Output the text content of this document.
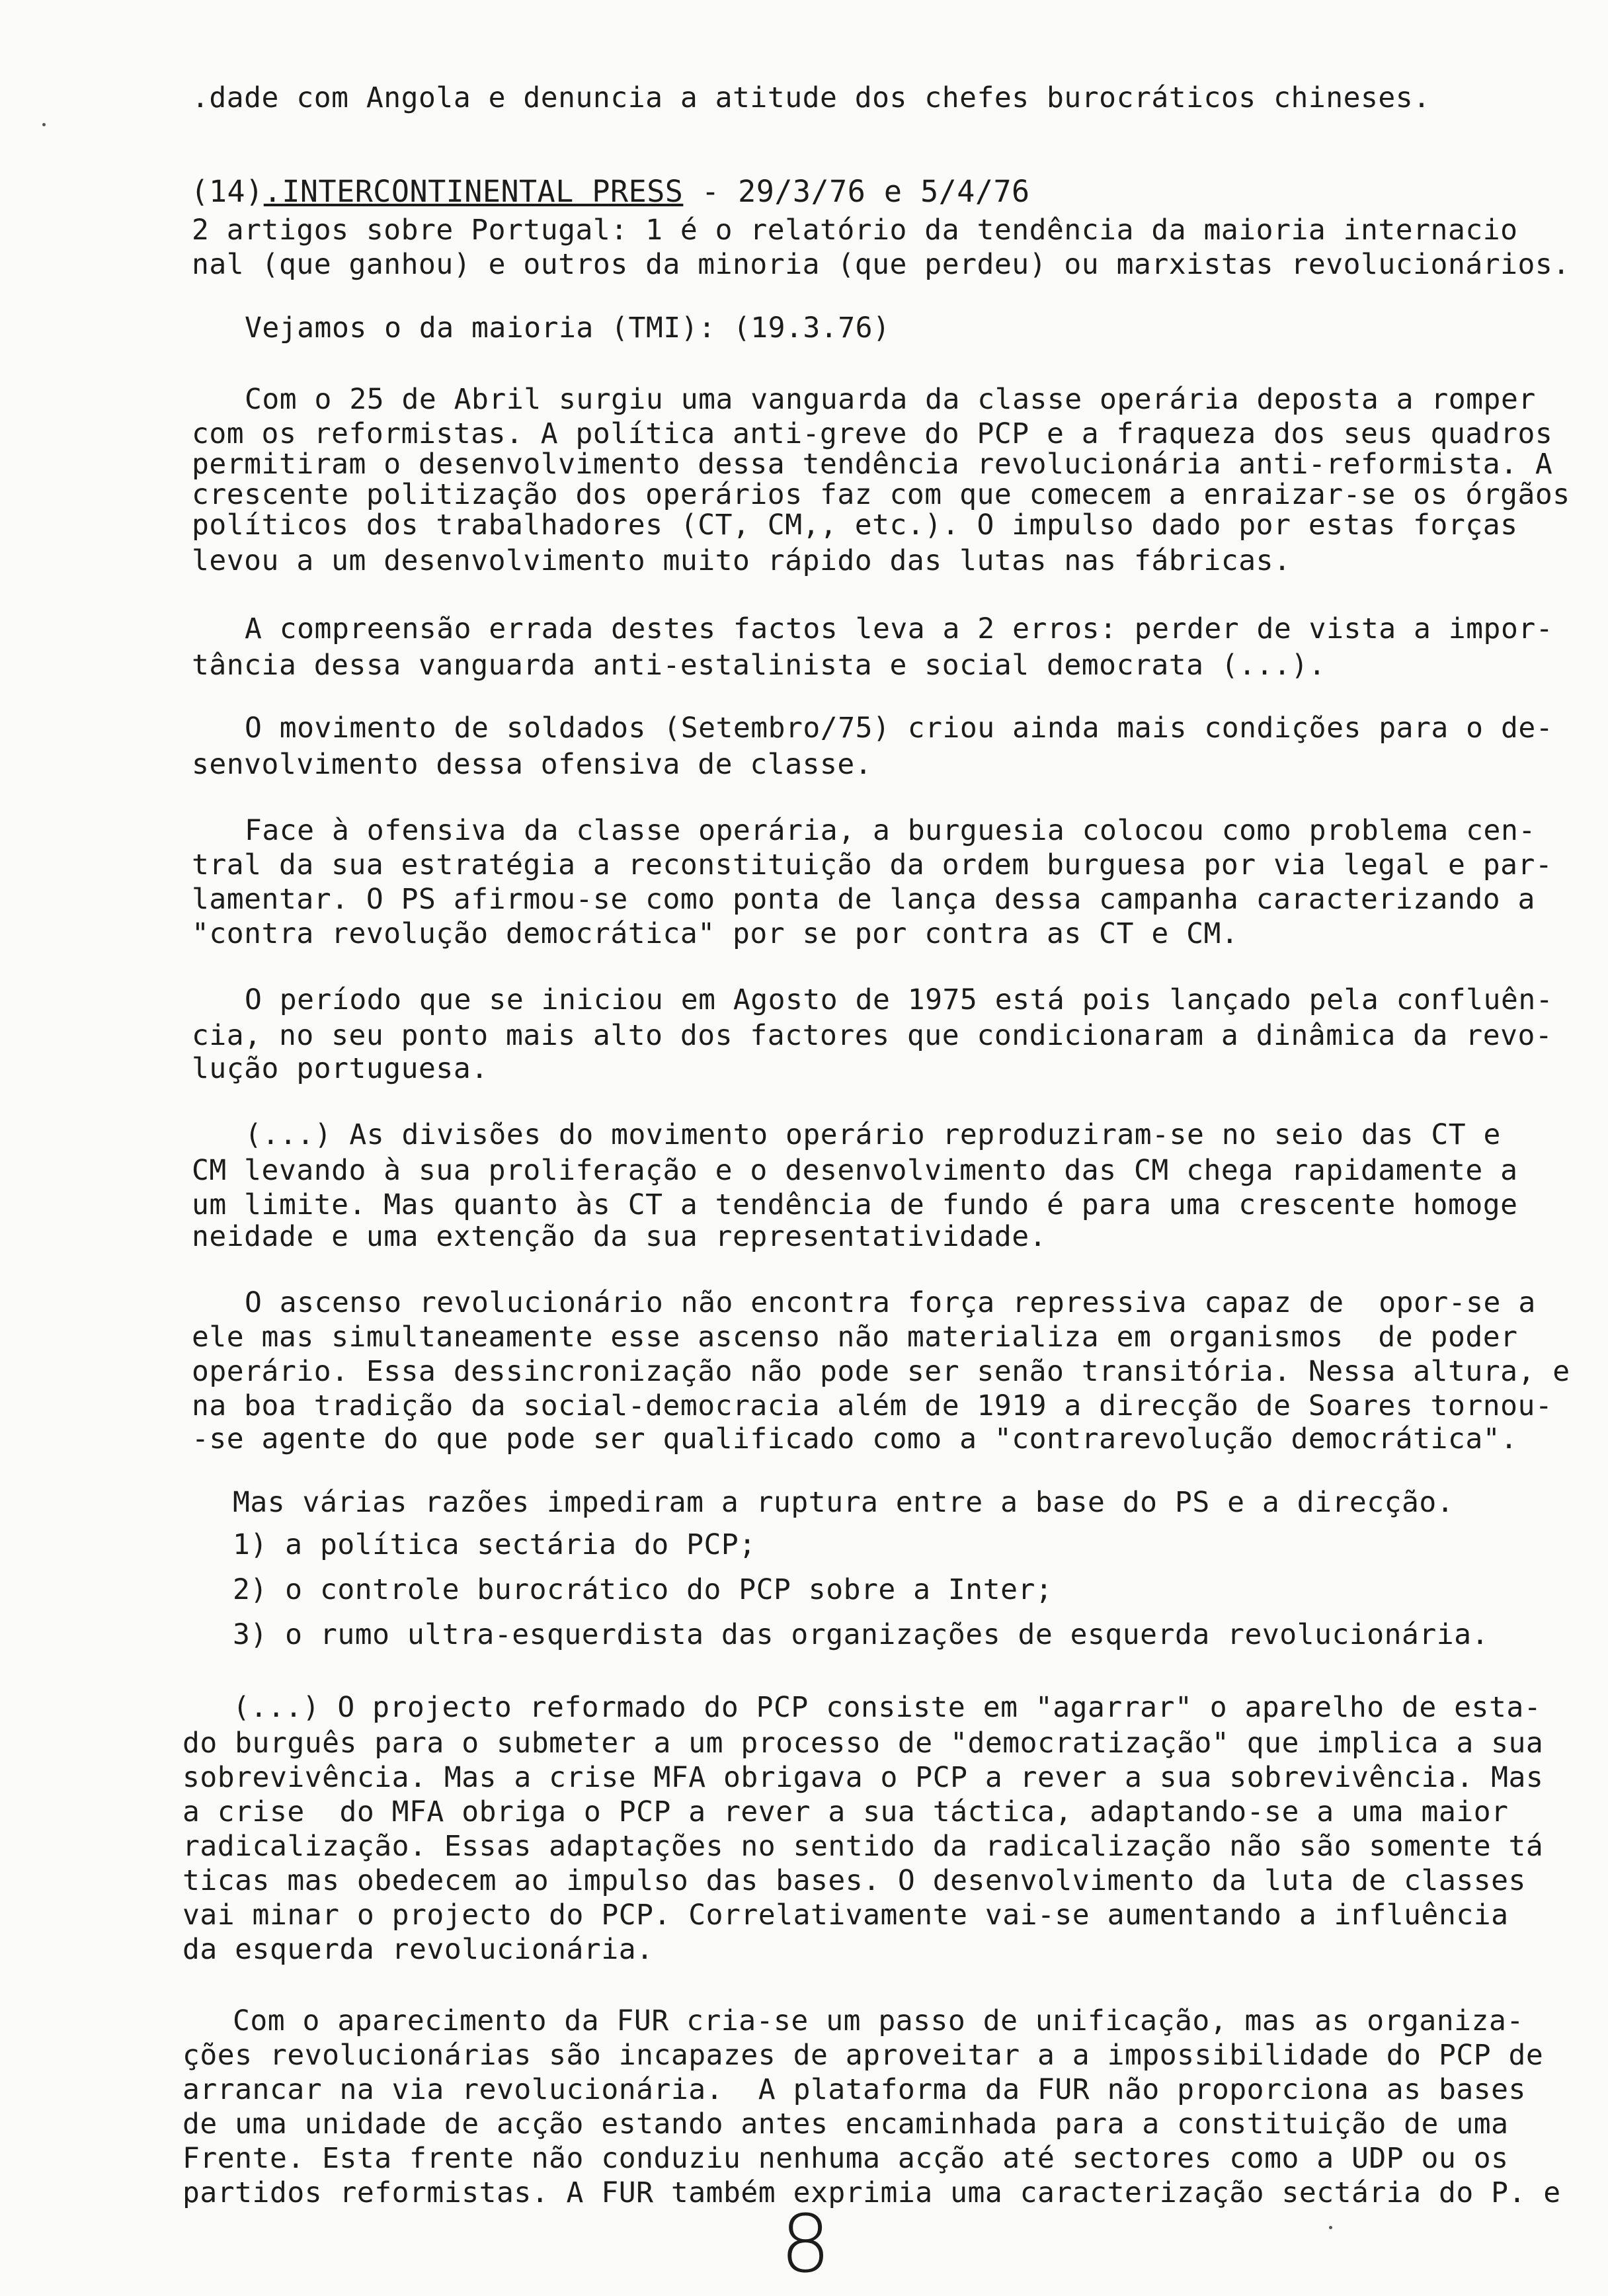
.dade com Angola e denuncia a atitude dos chefes burocráticos chineses.

(14).INTERCONTINENTAL PRESS - 29/3/76 e 5/4/76

2 artigos sobre Portugal: 1 é o relatório da tendência da maioria internacio
nal (que ganhou) e outros da minoria (que perdeu) ou marxistas revolucionários.
Vejamos o da maioria (TMI): (19.3.76)
Com o 25 de Abril surgiu uma vanguarda da classe operária deposta a romper
com os reformistas. A política anti-greve do PCP e a fraqueza dos seus quadros
permitiram o desenvolvimento dessa tendência revolucionária anti-reformista. A
crescente politização dos operários faz com que comecem a enraizar-se os órgãos
políticos dos trabalhadores (CT, CM,, etc.). O impulso dado por estas forças
levou a um desenvolvimento muito rápido das lutas nas fábricas.
A compreensão errada destes factos leva a 2 erros: perder de vista a impor-
tância dessa vanguarda anti-estalinista e social democrata (...).
O movimento de soldados (Setembro/75) criou ainda mais condições para o de-
senvolvimento dessa ofensiva de classe.
Face à ofensiva da classe operária, a burguesia colocou como problema cen-
tral da sua estratégia a reconstituição da ordem burguesa por via legal e par-
lamentar. O PS afirmou-se como ponta de lança dessa campanha caracterizando a
"contra revolução democrática" por se por contra as CT e CM.
O período que se iniciou em Agosto de 1975 está pois lançado pela confluên-
cia, no seu ponto mais alto dos factores que condicionaram a dinâmica da revo-
lução portuguesa.
(...) As divisões do movimento operário reproduziram-se no seio das CT e
CM levando à sua proliferação e o desenvolvimento das CM chega rapidamente a
um limite. Mas quanto às CT a tendência de fundo é para uma crescente homoge
neidade e uma extenção da sua representatividade.
O ascenso revolucionário não encontra força repressiva capaz de  opor-se a
ele mas simultaneamente esse ascenso não materializa em organismos  de poder
operário. Essa dessincronização não pode ser senão transitória. Nessa altura, e
na boa tradição da social-democracia além de 1919 a direcção de Soares tornou-
-se agente do que pode ser qualificado como a "contrarevolução democrática".
Mas várias razões impediram a ruptura entre a base do PS e a direcção.
1) a política sectária do PCP;
2) o controle burocrático do PCP sobre a Inter;
3) o rumo ultra-esquerdista das organizações de esquerda revolucionária.
(...) O projecto reformado do PCP consiste em "agarrar" o aparelho de esta-
do burguês para o submeter a um processo de "democratização" que implica a sua
sobrevivência. Mas a crise MFA obrigava o PCP a rever a sua sobrevivência. Mas
a crise  do MFA obriga o PCP a rever a sua táctica, adaptando-se a uma maior
radicalização. Essas adaptações no sentido da radicalização não são somente tá
ticas mas obedecem ao impulso das bases. O desenvolvimento da luta de classes
vai minar o projecto do PCP. Correlativamente vai-se aumentando a influência
da esquerda revolucionária.
Com o aparecimento da FUR cria-se um passo de unificação, mas as organiza-
ções revolucionárias são incapazes de aproveitar a a impossibilidade do PCP de
arrancar na via revolucionária.  A plataforma da FUR não proporciona as bases
de uma unidade de acção estando antes encaminhada para a constituição de uma
Frente. Esta frente não conduziu nenhuma acção até sectores como a UDP ou os
partidos reformistas. A FUR também exprimia uma caracterização sectária do P. e
8
